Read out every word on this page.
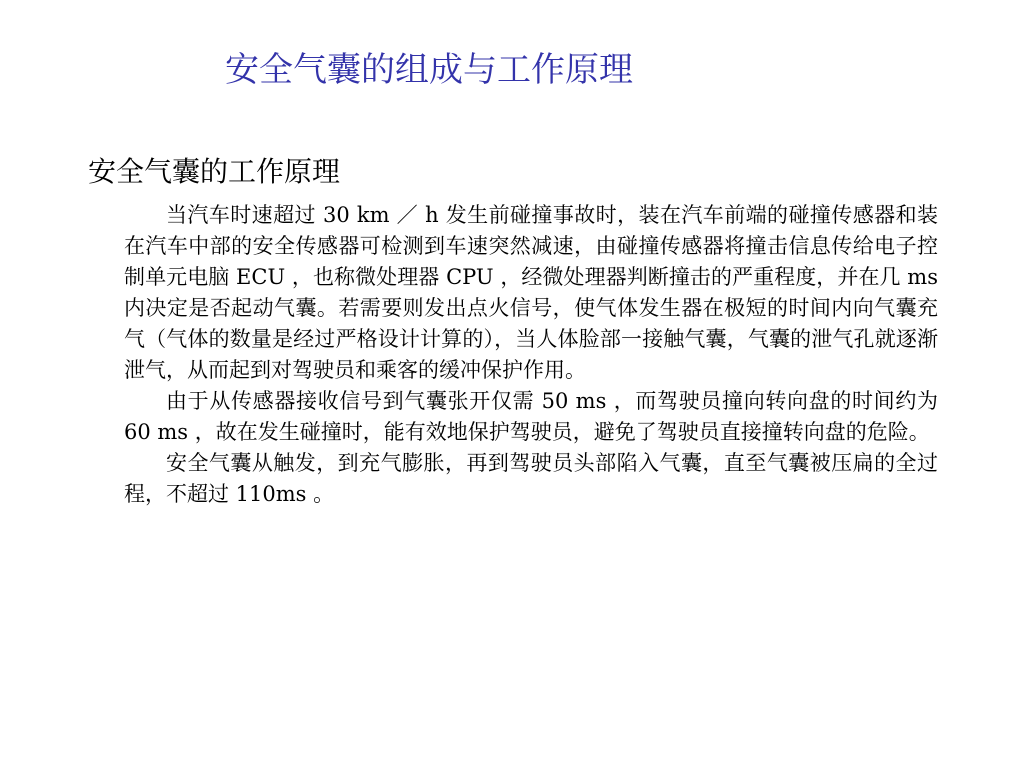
安全气囊的组成与工作原理
安全气囊的工作原理

当汽车时速超过 30 km ／ h 发生前碰撞事故时，装在汽车前端的碰撞传感器和装在汽车中部的安全传感器可检测到车速突然减速，由碰撞传感器将撞击信息传给电子控制单元电脑 ECU ，也称微处理器 CPU ，经微处理器判断撞击的严重程度，并在几 ms 内决定是否起动气囊。若需要则发出点火信号，使气体发生器在极短的时间内向气囊充气（气体的数量是经过严格设计计算的），当人体脸部一接触气囊，气囊的泄气孔就逐渐泄气，从而起到对驾驶员和乘客的缓冲保护作用。

由于从传感器接收信号到气囊张开仅需 50 ms ，而驾驶员撞向转向盘的时间约为 60 ms ，故在发生碰撞时，能有效地保护驾驶员，避免了驾驶员直接撞转向盘的危险。

安全气囊从触发，到充气膨胀，再到驾驶员头部陷入气囊，直至气囊被压扁的全过程，不超过 110ms 。
